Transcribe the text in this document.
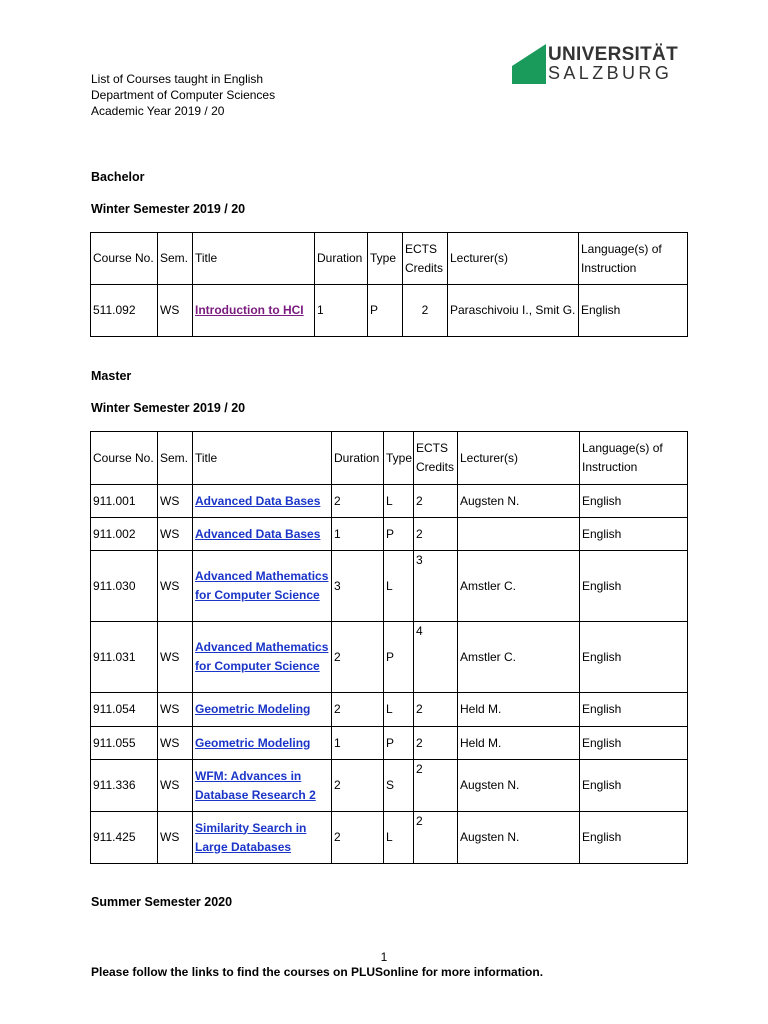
List of Courses taught in English
Department of Computer Sciences
Academic Year 2019 / 20
UNIVERSITÄT
SALZBURG
Bachelor
Winter Semester 2019 / 20
Course No.	Sem.	Title	Duration	Type	ECTS Credits	Lecturer(s)	Language(s) of Instruction
511.092	WS	Introduction to HCI	1	P	2	Paraschivoiu I., Smit G.	English
Master
Winter Semester 2019 / 20
Course No.	Sem.	Title	Duration	Type	ECTS Credits	Lecturer(s)	Language(s) of Instruction
911.001	WS	Advanced Data Bases	2	L	2	Augsten N.	English
911.002	WS	Advanced Data Bases	1	P	2		English
911.030	WS	Advanced Mathematics for Computer Science	3	L	3	Amstler C.	English
911.031	WS	Advanced Mathematics for Computer Science	2	P	4	Amstler C.	English
911.054	WS	Geometric Modeling	2	L	2	Held M.	English
911.055	WS	Geometric Modeling	1	P	2	Held M.	English
911.336	WS	WFM: Advances in Database Research 2	2	S	2	Augsten N.	English
911.425	WS	Similarity Search in Large Databases	2	L	2	Augsten N.	English
Summer Semester 2020
1
Please follow the links to find the courses on PLUSonline for more information.
